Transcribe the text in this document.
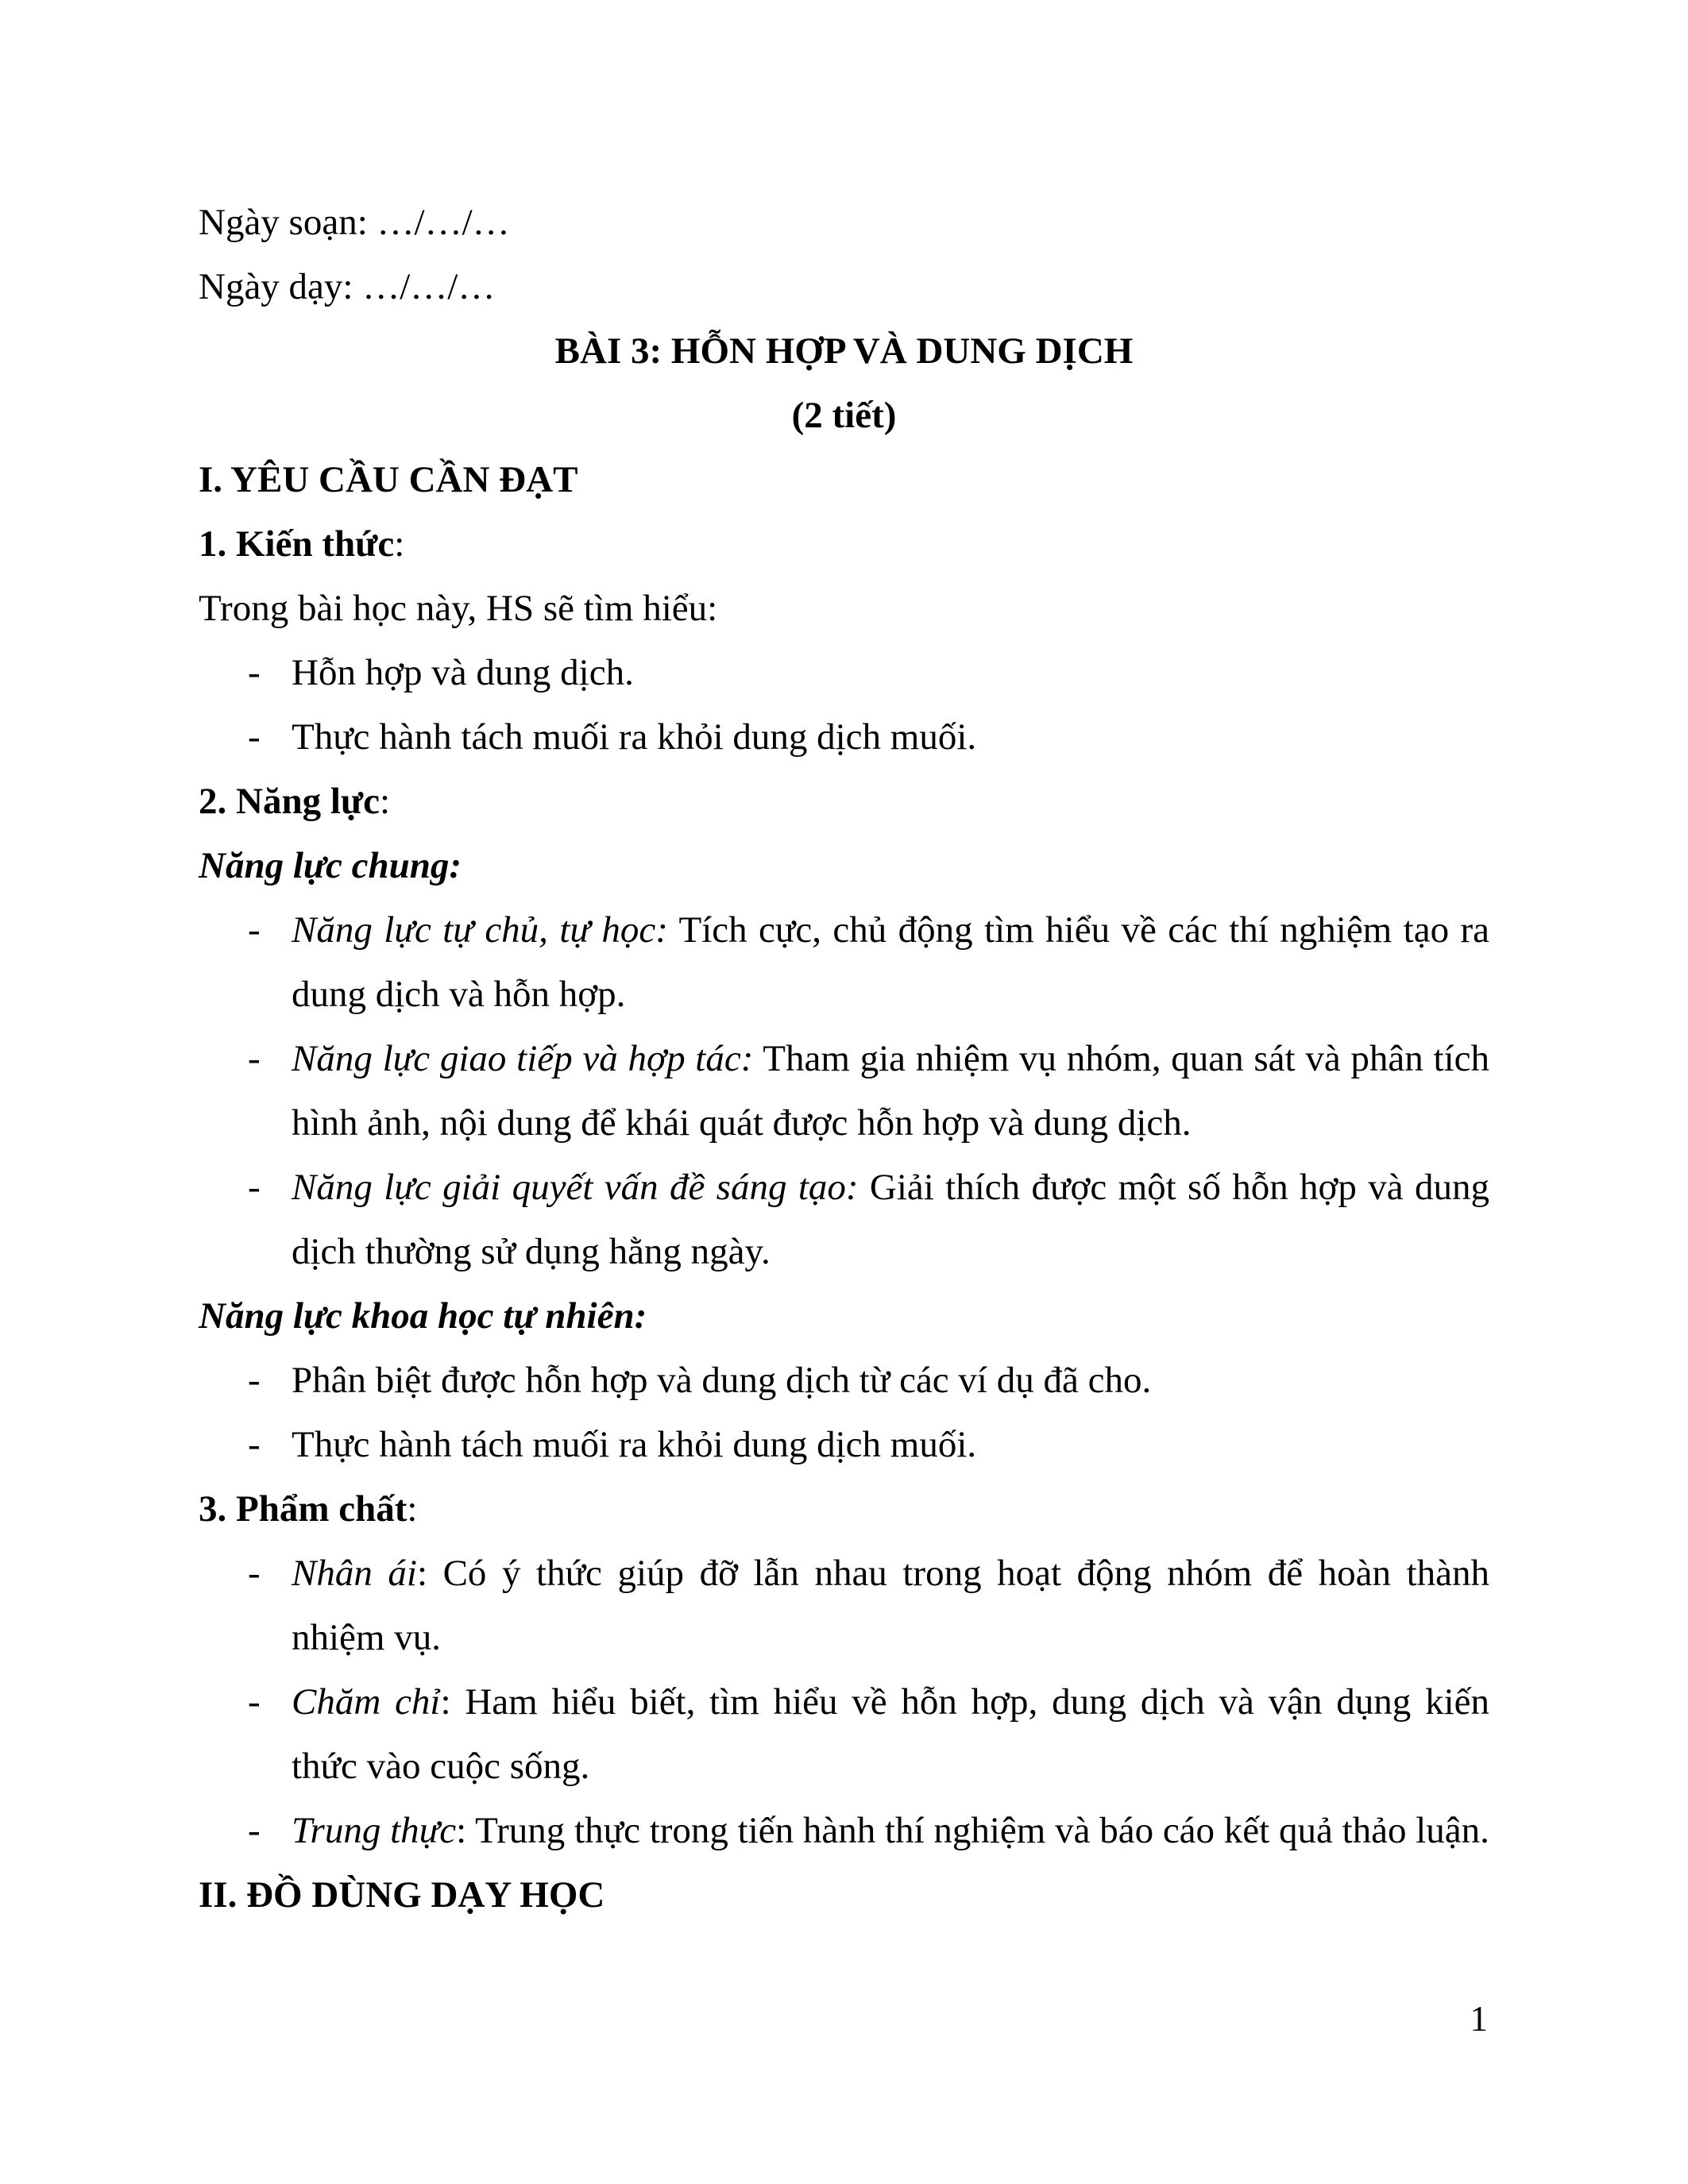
Ngày soạn: …/…/…

Ngày dạy: …/…/…

BÀI 3: HỖN HỢP VÀ DUNG DỊCH

(2 tiết)

I. YÊU CẦU CẦN ĐẠT

1. Kiến thức:

Trong bài học này, HS sẽ tìm hiểu:

- Hỗn hợp và dung dịch.
- Thực hành tách muối ra khỏi dung dịch muối.

2. Năng lực:

Năng lực chung:

- Năng lực tự chủ, tự học: Tích cực, chủ động tìm hiểu về các thí nghiệm tạo ra dung dịch và hỗn hợp.
- Năng lực giao tiếp và hợp tác: Tham gia nhiệm vụ nhóm, quan sát và phân tích hình ảnh, nội dung để khái quát được hỗn hợp và dung dịch.
- Năng lực giải quyết vấn đề sáng tạo: Giải thích được một số hỗn hợp và dung dịch thường sử dụng hằng ngày.

Năng lực khoa học tự nhiên:

- Phân biệt được hỗn hợp và dung dịch từ các ví dụ đã cho.
- Thực hành tách muối ra khỏi dung dịch muối.

3. Phẩm chất:

- Nhân ái: Có ý thức giúp đỡ lẫn nhau trong hoạt động nhóm để hoàn thành nhiệm vụ.
- Chăm chỉ: Ham hiểu biết, tìm hiểu về hỗn hợp, dung dịch và vận dụng kiến thức vào cuộc sống.
- Trung thực: Trung thực trong tiến hành thí nghiệm và báo cáo kết quả thảo luận.

II. ĐỒ DÙNG DẠY HỌC

1
